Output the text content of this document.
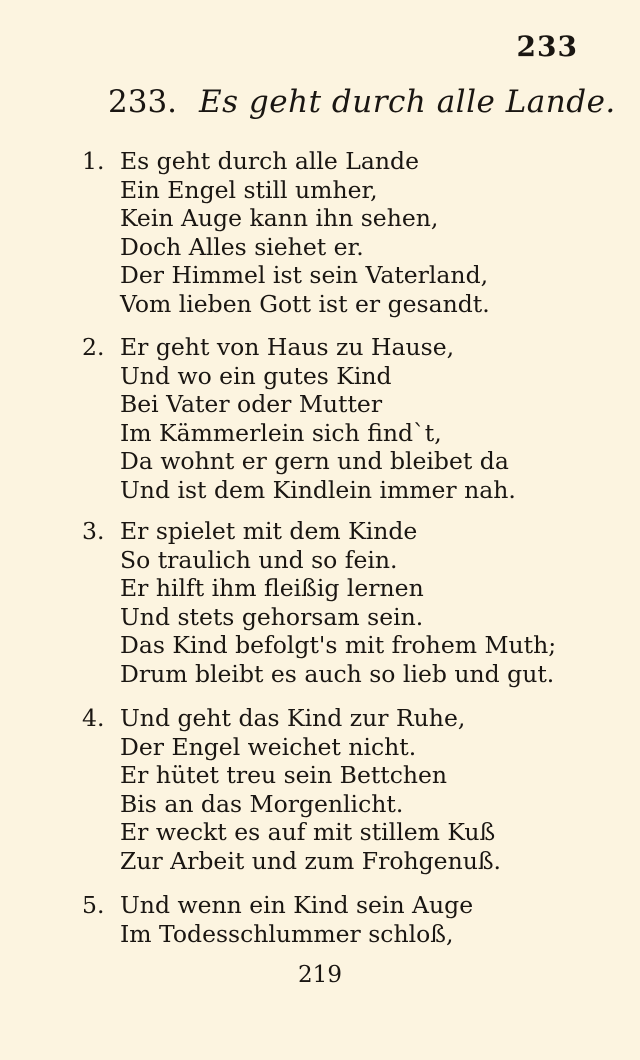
233
233. Es geht durch alle Lande.
1. Es geht durch alle Lande
Ein Engel still umher,
Kein Auge kann ihn sehen,
Doch Alles siehet er.
Der Himmel ist sein Vaterland,
Vom lieben Gott ist er gesandt.
2. Er geht von Haus zu Hause,
Und wo ein gutes Kind
Bei Vater oder Mutter
Im Kämmerlein sich find`t,
Da wohnt er gern und bleibet da
Und ist dem Kindlein immer nah.
3. Er spielet mit dem Kinde
So traulich und so fein.
Er hilft ihm fleißig lernen
Und stets gehorsam sein.
Das Kind befolgt's mit frohem Muth;
Drum bleibt es auch so lieb und gut.
4. Und geht das Kind zur Ruhe,
Der Engel weichet nicht.
Er hütet treu sein Bettchen
Bis an das Morgenlicht.
Er weckt es auf mit stillem Kuß
Zur Arbeit und zum Frohgenuß.
5. Und wenn ein Kind sein Auge
Im Todesschlummer schloß,
219
